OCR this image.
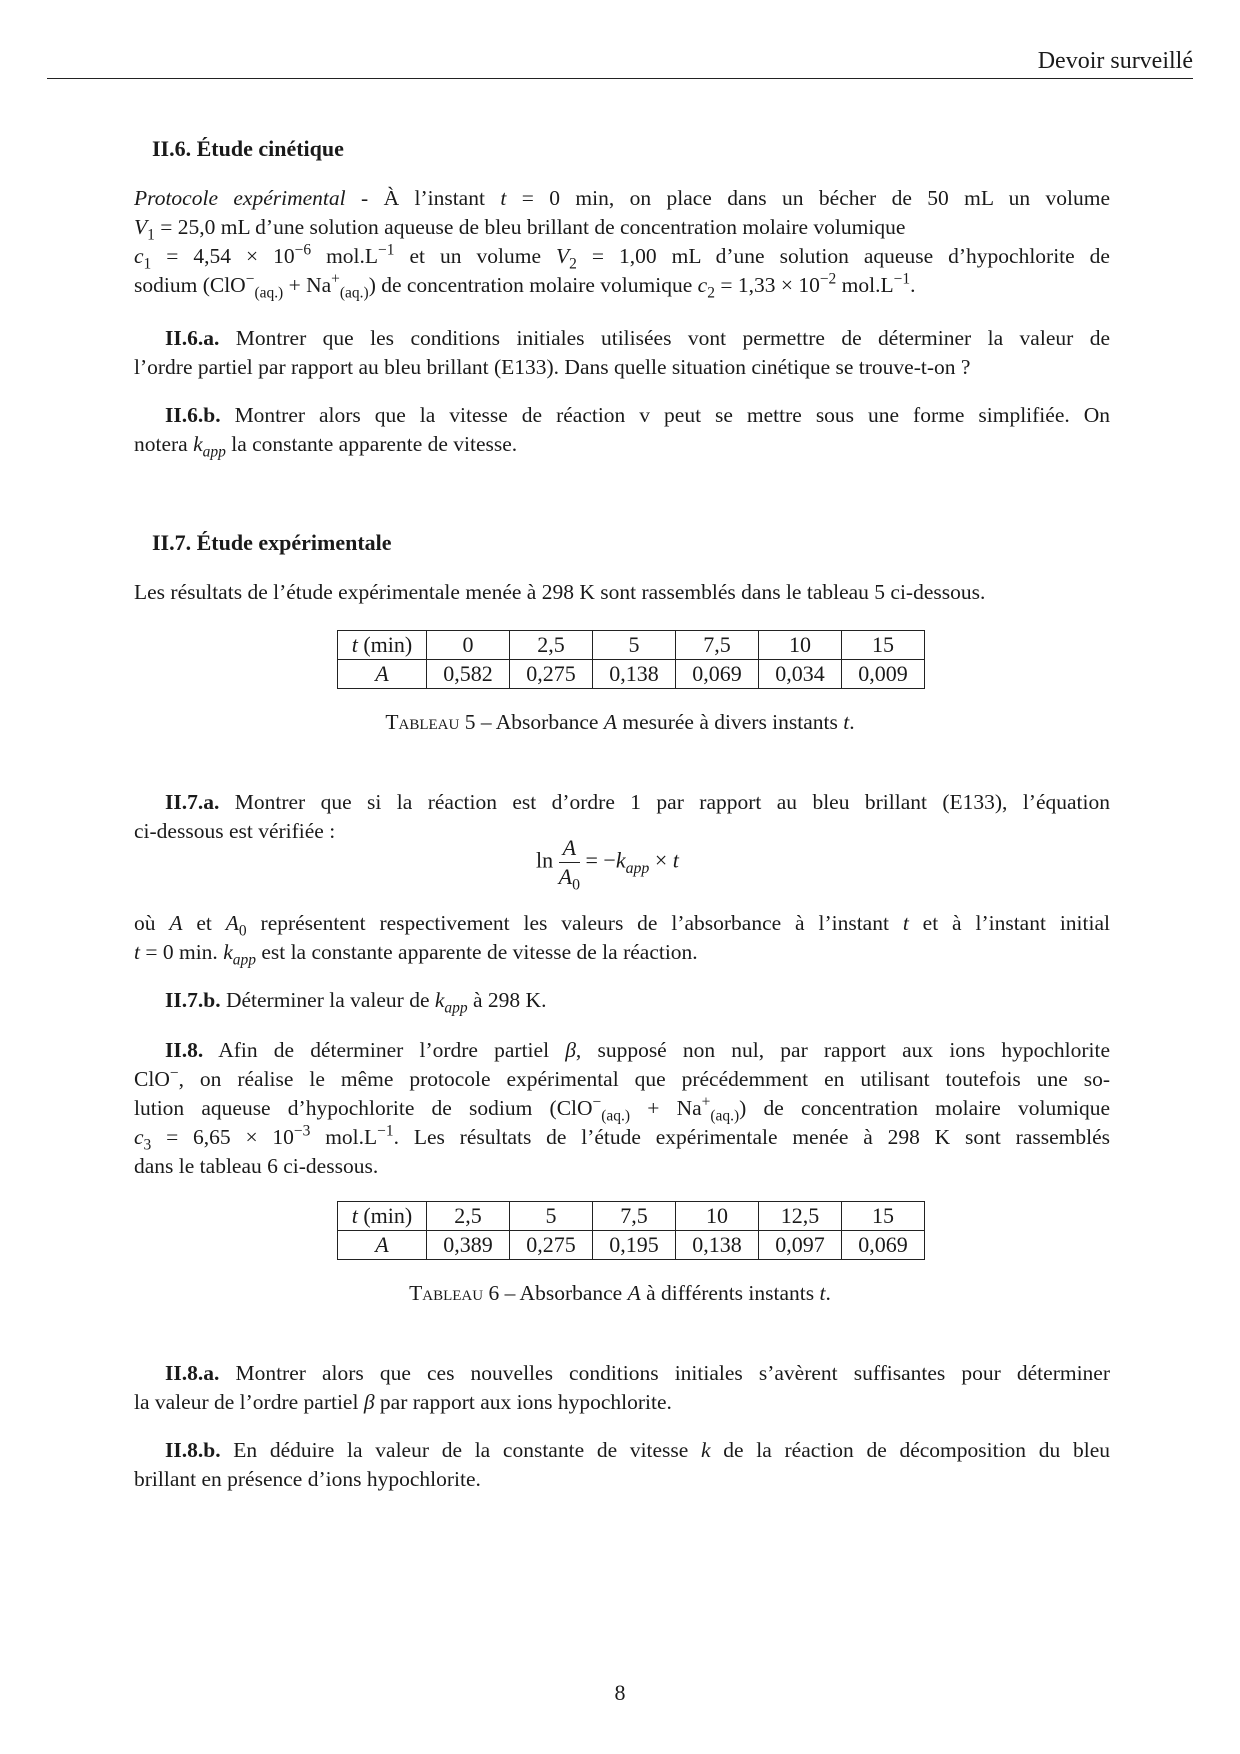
Devoir surveillé
II.6. Étude cinétique
Protocole expérimental - À l’instant t = 0 min, on place dans un bécher de 50 mL un volume
$V_1 = 25,0$ mL d’une solution aqueuse de bleu brillant de concentration molaire volumique
$c_1 = 4,54 \times 10^{-6}$ $mol.L^{-1}$ et un volume $V_2 = 1,00$ mL d’une solution aqueuse d’hypochlorite de
sodium $(ClO^-_{(aq.)} + Na^+_{(aq.)})$ de concentration molaire volumique $c_2 = 1,33 \times 10^{-2}$ $mol.L^{-1}$.
II.6.a. Montrer que les conditions initiales utilisées vont permettre de déterminer la valeur de
l’ordre partiel par rapport au bleu brillant (E133). Dans quelle situation cinétique se trouve-t-on ?
II.6.b. Montrer alors que la vitesse de réaction v peut se mettre sous une forme simplifiée. On
notera $k_{app}$ la constante apparente de vitesse.
II.7. Étude expérimentale
Les résultats de l’étude expérimentale menée à 298 K sont rassemblés dans le tableau 5 ci-dessous.
t (min)	0	2,5	5	7,5	10	15
A	0,582	0,275	0,138	0,069	0,034	0,009
Tableau 5 – Absorbance A mesurée à divers instants t.
II.7.a. Montrer que si la réaction est d’ordre 1 par rapport au bleu brillant (E133), l’équation
ci-dessous est vérifiée :
$\ln \frac{A}{A_0} = -k_{app} \times t$
où A et $A_0$ représentent respectivement les valeurs de l’absorbance à l’instant t et à l’instant initial
t = 0 min. $k_{app}$ est la constante apparente de vitesse de la réaction.
II.7.b. Déterminer la valeur de $k_{app}$ à 298 K.
II.8. Afin de déterminer l’ordre partiel β, supposé non nul, par rapport aux ions hypochlorite
ClO−, on réalise le même protocole expérimental que précédemment en utilisant toutefois une so-
lution aqueuse d’hypochlorite de sodium $(ClO^-_{(aq.)} + Na^+_{(aq.)})$ de concentration molaire volumique
$c_3 = 6,65 \times 10^{-3}$ $mol.L^{-1}$. Les résultats de l’étude expérimentale menée à 298 K sont rassemblés
dans le tableau 6 ci-dessous.
t (min)	2,5	5	7,5	10	12,5	15
A	0,389	0,275	0,195	0,138	0,097	0,069
Tableau 6 – Absorbance A à différents instants t.
II.8.a. Montrer alors que ces nouvelles conditions initiales s’avèrent suffisantes pour déterminer
la valeur de l’ordre partiel β par rapport aux ions hypochlorite.
II.8.b. En déduire la valeur de la constante de vitesse k de la réaction de décomposition du bleu
brillant en présence d’ions hypochlorite.
8
